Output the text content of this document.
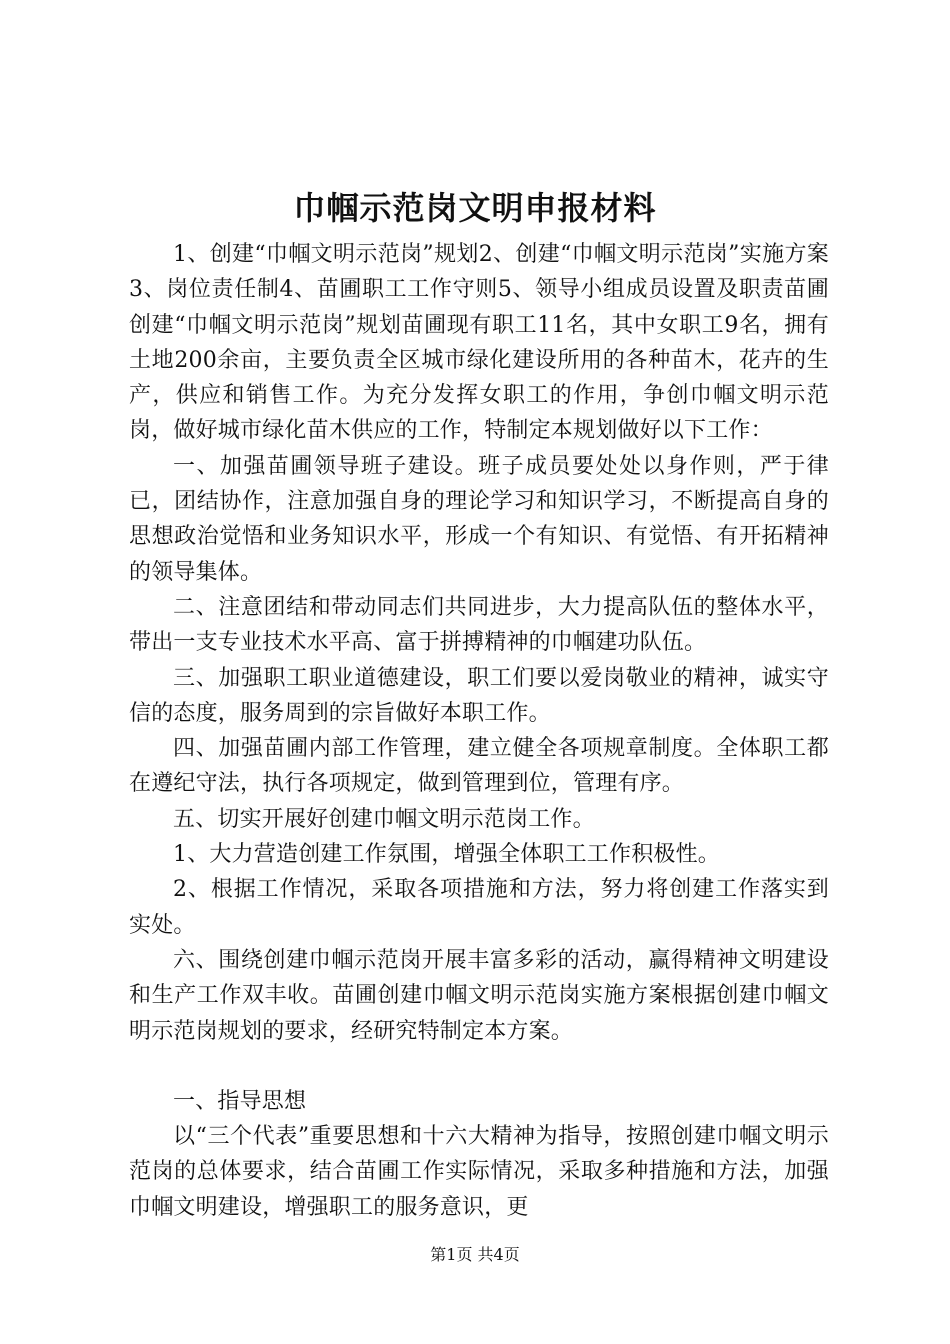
巾帼示范岗文明申报材料

1、创建“巾帼文明示范岗”规划2、创建“巾帼文明示范岗”实施方案3、岗位责任制4、苗圃职工工作守则5、领导小组成员设置及职责苗圃创建“巾帼文明示范岗”规划苗圃现有职工11名，其中女职工9名，拥有土地200余亩，主要负责全区城市绿化建设所用的各种苗木，花卉的生产，供应和销售工作。为充分发挥女职工的作用，争创巾帼文明示范岗，做好城市绿化苗木供应的工作，特制定本规划做好以下工作：

一、加强苗圃领导班子建设。班子成员要处处以身作则，严于律已，团结协作，注意加强自身的理论学习和知识学习，不断提高自身的思想政治觉悟和业务知识水平，形成一个有知识、有觉悟、有开拓精神的领导集体。

二、注意团结和带动同志们共同进步，大力提高队伍的整体水平，带出一支专业技术水平高、富于拼搏精神的巾帼建功队伍。

三、加强职工职业道德建设，职工们要以爱岗敬业的精神，诚实守信的态度，服务周到的宗旨做好本职工作。

四、加强苗圃内部工作管理，建立健全各项规章制度。全体职工都在遵纪守法，执行各项规定，做到管理到位，管理有序。

五、切实开展好创建巾帼文明示范岗工作。

1、大力营造创建工作氛围，增强全体职工工作积极性。

2、根据工作情况，采取各项措施和方法，努力将创建工作落实到实处。

六、围绕创建巾帼示范岗开展丰富多彩的活动，赢得精神文明建设和生产工作双丰收。苗圃创建巾帼文明示范岗实施方案根据创建巾帼文明示范岗规划的要求，经研究特制定本方案。

一、指导思想

以“三个代表”重要思想和十六大精神为指导，按照创建巾帼文明示范岗的总体要求，结合苗圃工作实际情况，采取多种措施和方法，加强巾帼文明建设，增强职工的服务意识，更

第1页 共4页
